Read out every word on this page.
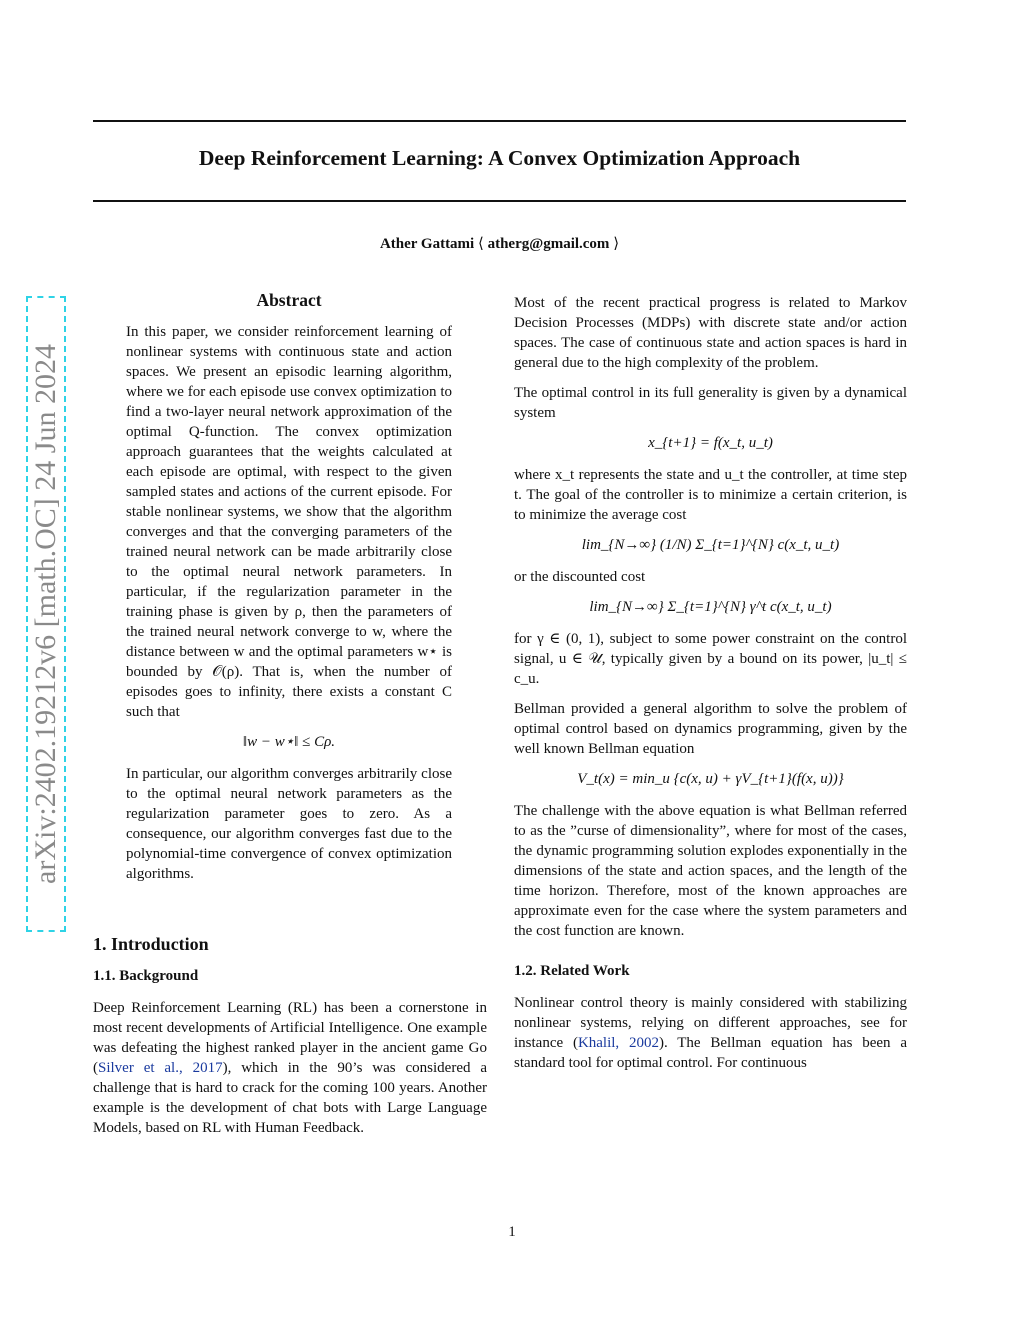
Deep Reinforcement Learning: A Convex Optimization Approach

Ather Gattami ⟨ atherg@gmail.com ⟩

arXiv:2402.19212v6 [math.OC] 24 Jun 2024
Abstract

In this paper, we consider reinforcement learning of nonlinear systems with continuous state and action spaces. We present an episodic learning algorithm, where we for each episode use convex optimization to find a two-layer neural network approximation of the optimal Q-function. The convex optimization approach guarantees that the weights calculated at each episode are optimal, with respect to the given sampled states and actions of the current episode. For stable nonlinear systems, we show that the algorithm converges and that the converging parameters of the trained neural network can be made arbitrarily close to the optimal neural network parameters. In particular, if the regularization parameter in the training phase is given by ρ, then the parameters of the trained neural network converge to w, where the distance between w and the optimal parameters w⋆ is bounded by 𝒪(ρ). That is, when the number of episodes goes to infinity, there exists a constant C such that

‖w − w⋆‖ ≤ Cρ.

In particular, our algorithm converges arbitrarily close to the optimal neural network parameters as the regularization parameter goes to zero. As a consequence, our algorithm converges fast due to the polynomial-time convergence of convex optimization algorithms.

1. Introduction
1.1. Background

Deep Reinforcement Learning (RL) has been a cornerstone in most recent developments of Artificial Intelligence. One example was defeating the highest ranked player in the ancient game Go (Silver et al., 2017), which in the 90’s was considered a challenge that is hard to crack for the coming 100 years. Another example is the development of chat bots with Large Language Models, based on RL with Human Feedback.

Most of the recent practical progress is related to Markov Decision Processes (MDPs) with discrete state and/or action spaces. The case of continuous state and action spaces is hard in general due to the high complexity of the problem.

The optimal control in its full generality is given by a dynamical system

x_{t+1} = f(x_t, u_t)

where x_t represents the state and u_t the controller, at time step t. The goal of the controller is to minimize a certain criterion, is to minimize the average cost

lim_{N→∞} (1/N) Σ_{t=1}^{N} c(x_t, u_t)

or the discounted cost

lim_{N→∞} Σ_{t=1}^{N} γ^t c(x_t, u_t)

for γ ∈ (0, 1), subject to some power constraint on the control signal, u ∈ 𝒰, typically given by a bound on its power, |u_t| ≤ c_u.

Bellman provided a general algorithm to solve the problem of optimal control based on dynamics programming, given by the well known Bellman equation

V_t(x) = min_u {c(x, u) + γV_{t+1}(f(x, u))}

The challenge with the above equation is what Bellman referred to as the ”curse of dimensionality”, where for most of the cases, the dynamic programming solution explodes exponentially in the dimensions of the state and action spaces, and the length of the time horizon. Therefore, most of the known approaches are approximate even for the case where the system parameters and the cost function are known.

1.2. Related Work

Nonlinear control theory is mainly considered with stabilizing nonlinear systems, relying on different approaches, see for instance (Khalil, 2002). The Bellman equation has been a standard tool for optimal control. For continuous

1
